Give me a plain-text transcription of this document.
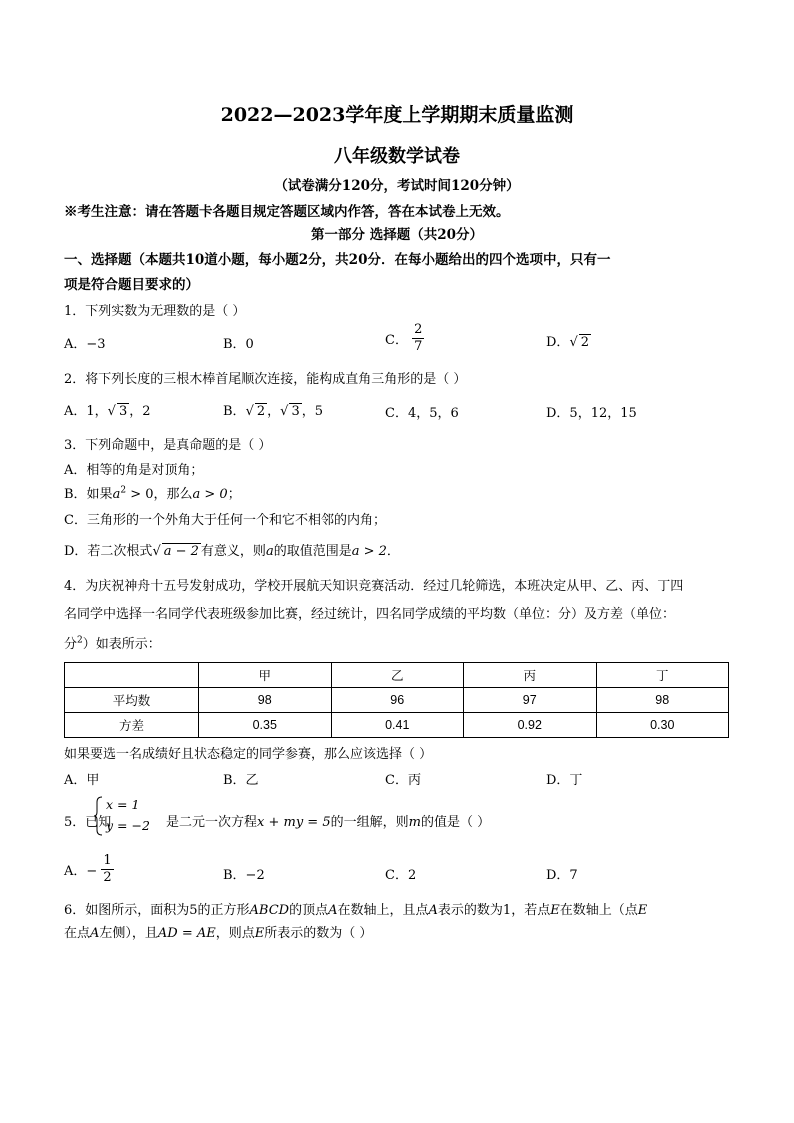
2022—2023学年度上学期期末质量监测
八年级数学试卷
（试卷满分120分，考试时间120分钟）
※考生注意：请在答题卡各题目规定答题区域内作答，答在本试卷上无效。
第一部分 选择题（共20分）
一、选择题（本题共10道小题，每小题2分，共20分．在每小题给出的四个选项中，只有一
项是符合题目要求的）
1．下列实数为无理数的是（ ）
A．−3	B．0	C． $\frac{2}{7}$	D．√ 2
2．将下列长度的三根木棒首尾顺次连接，能构成直角三角形的是（ ）
A．1，√ 3 ，2	B．√ 2 ，√ 3 ，5	C．4，5，6	D．5，12，15
3．下列命题中，是真命题的是（ ）
A．相等的角是对顶角；
B．如果$a^2 > 0$，那么a > 0；
C．三角形的一个外角大于任何一个和它不相邻的内角；
D．若二次根式√ a − 2 有意义，则a的取值范围是a > 2．
4．为庆祝神舟十五号发射成功，学校开展航天知识竞赛活动．经过几轮筛选，本班决定从甲、乙、丙、丁四
名同学中选择一名同学代表班级参加比赛，经过统计，四名同学成绩的平均数（单位：分）及方差（单位：
分$^2$）如表所示：
	甲	乙	丙	丁
平均数	98	96	97	98
方差	0.35	0.41	0.92	0.30
如果要选一名成绩好且状态稳定的同学参赛，那么应该选择（ ）
A．甲	B．乙	C．丙	D．丁
5．已知
x = 1
y = −2 是二元一次方程x + my = 5的一组解，则m的值是（ ）
A．− $\frac{1}{2}$	B．−2	C．2	D．7
6．如图所示，面积为5的正方形ABCD的顶点A在数轴上，且点A表示的数为1，若点E在数轴上（点E
在点A左侧），且AD = AE，则点E所表示的数为（ ）
